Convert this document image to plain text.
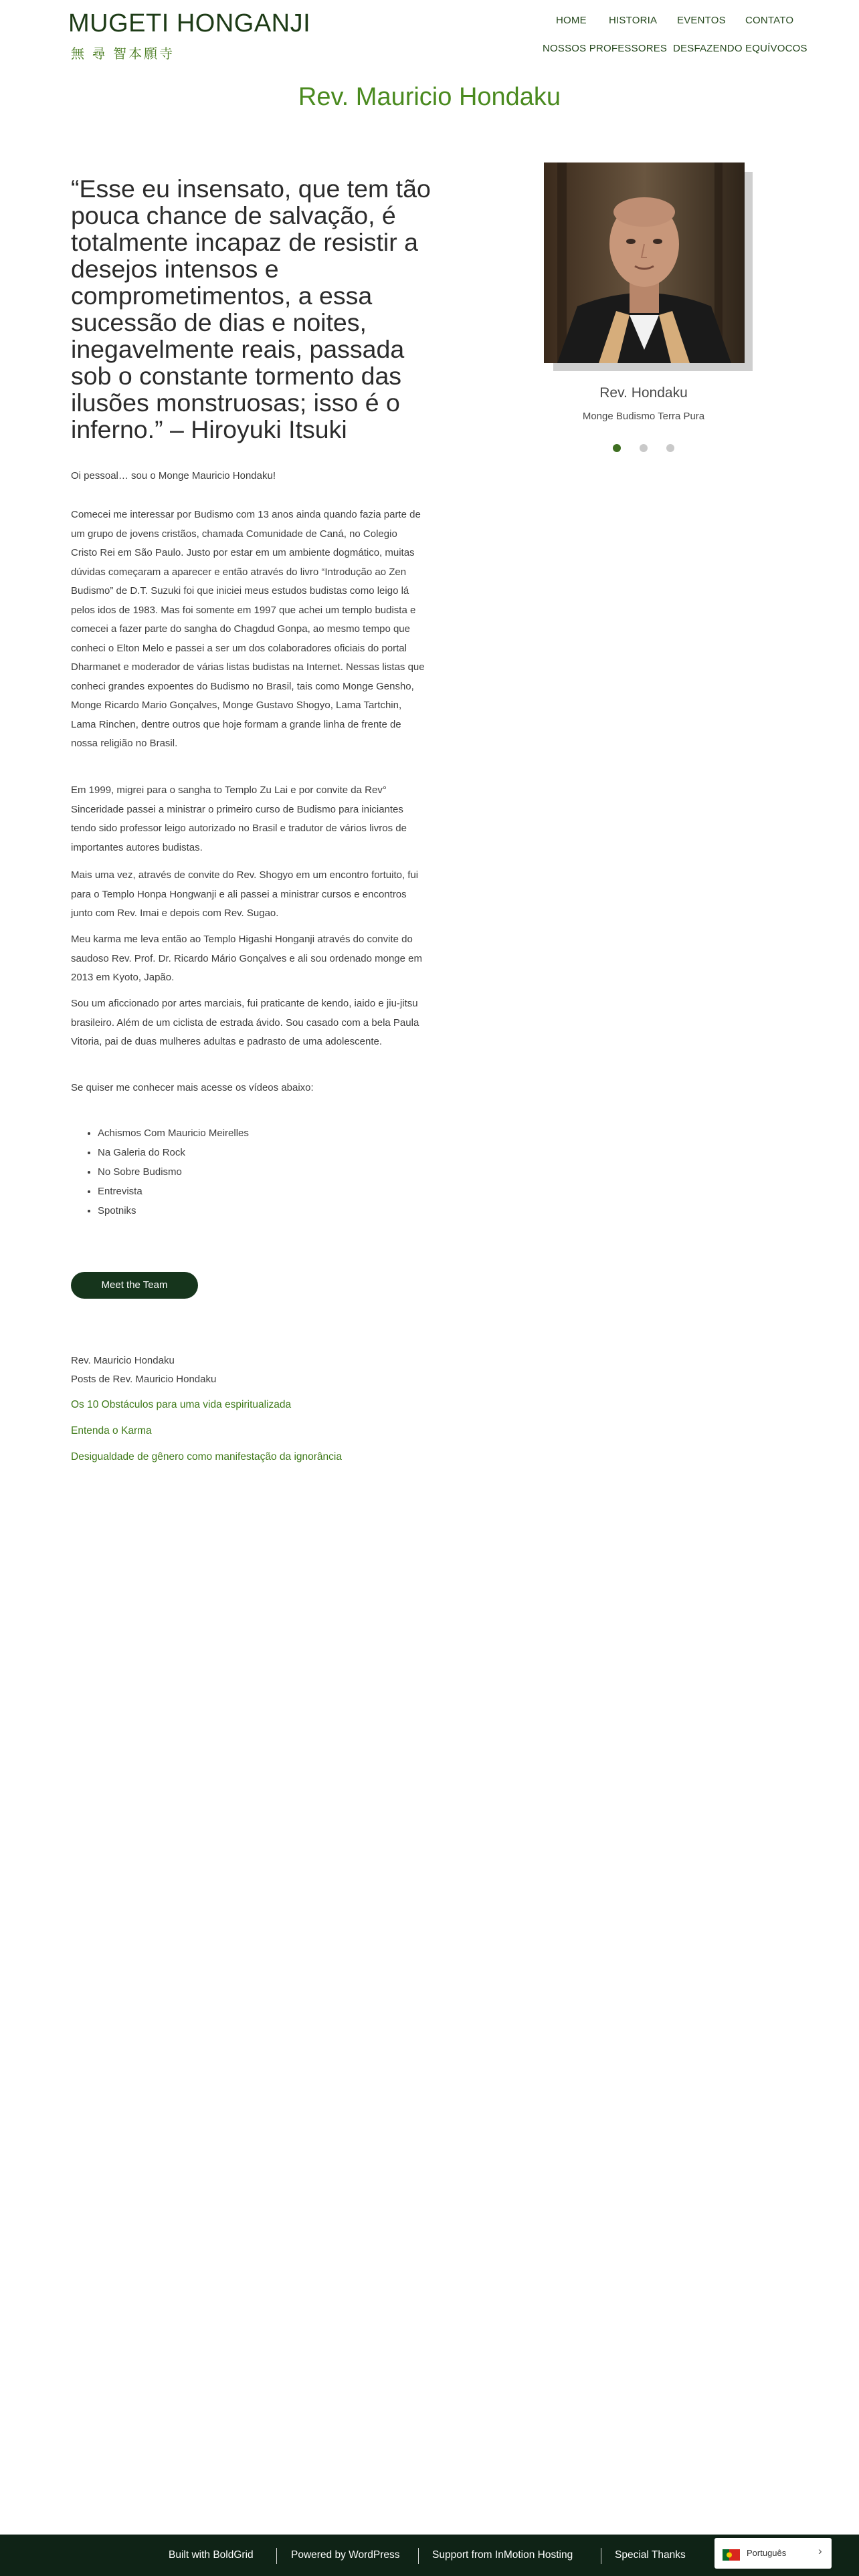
MUGETI HONGANJI
無 尋 智本願寺
HOME HISTORIA EVENTOS CONTATO
NOSSOS PROFESSORES DESFAZENDO EQUÍVOCOS
Rev. Mauricio Hondaku
“Esse eu insensato, que tem tão pouca chance de salvação, é totalmente incapaz de resistir a desejos intensos e comprometimentos, a essa sucessão de dias e noites, inegavelmente reais, passada sob o constante tormento das ilusões monstruosas; isso é o inferno.” – Hiroyuki Itsuki

Oi pessoal… sou o Monge Mauricio Hondaku!

Comecei me interessar por Budismo com 13 anos ainda quando fazia parte de um grupo de jovens cristãos, chamada Comunidade de Caná, no Colegio Cristo Rei em São Paulo. Justo por estar em um ambiente dogmático, muitas dúvidas começaram a aparecer e então através do livro “Introdução ao Zen Budismo” de D.T. Suzuki foi que iniciei meus estudos budistas como leigo lá pelos idos de 1983. Mas foi somente em 1997 que achei um templo budista e comecei a fazer parte do sangha do Chagdud Gonpa, ao mesmo tempo que conheci o Elton Melo e passei a ser um dos colaboradores oficiais do portal Dharmanet e moderador de várias listas budistas na Internet. Nessas listas que conheci grandes expoentes do Budismo no Brasil, tais como Monge Gensho, Monge Ricardo Mario Gonçalves, Monge Gustavo Shogyo, Lama Tartchin, Lama Rinchen, dentre outros que hoje formam a grande linha de frente de nossa religião no Brasil.

Em 1999, migrei para o sangha to Templo Zu Lai e por convite da Rev° Sinceridade passei a ministrar o primeiro curso de Budismo para iniciantes tendo sido professor leigo autorizado no Brasil e tradutor de vários livros de importantes autores budistas.

Mais uma vez, através de convite do Rev. Shogyo em um encontro fortuito, fui para o Templo Honpa Hongwanji e ali passei a ministrar cursos e encontros junto com Rev. Imai e depois com Rev. Sugao.

Meu karma me leva então ao Templo Higashi Honganji através do convite do saudoso Rev. Prof. Dr. Ricardo Mário Gonçalves e ali sou ordenado monge em 2013 em Kyoto, Japão.

Sou um aficcionado por artes marciais, fui praticante de kendo, iaido e jiu-jitsu brasileiro. Além de um ciclista de estrada ávido. Sou casado com a bela Paula Vitoria, pai de duas mulheres adultas e padrasto de uma adolescente.

Se quiser me conhecer mais acesse os vídeos abaixo:

• Achismos Com Mauricio Meirelles
• Na Galeria do Rock
• No Sobre Budismo
• Entrevista
• Spotniks
Meet the Team
Rev. Mauricio Hondaku
Posts de Rev. Mauricio Hondaku
Os 10 Obstáculos para uma vida espiritualizada
Entenda o Karma
Desigualdade de gênero como manifestação da ignorância
Rev. Hondaku
Monge Budismo Terra Pura
Built with BoldGrid	Powered by WordPress	Support from InMotion Hosting	Special Thanks	Português	›
